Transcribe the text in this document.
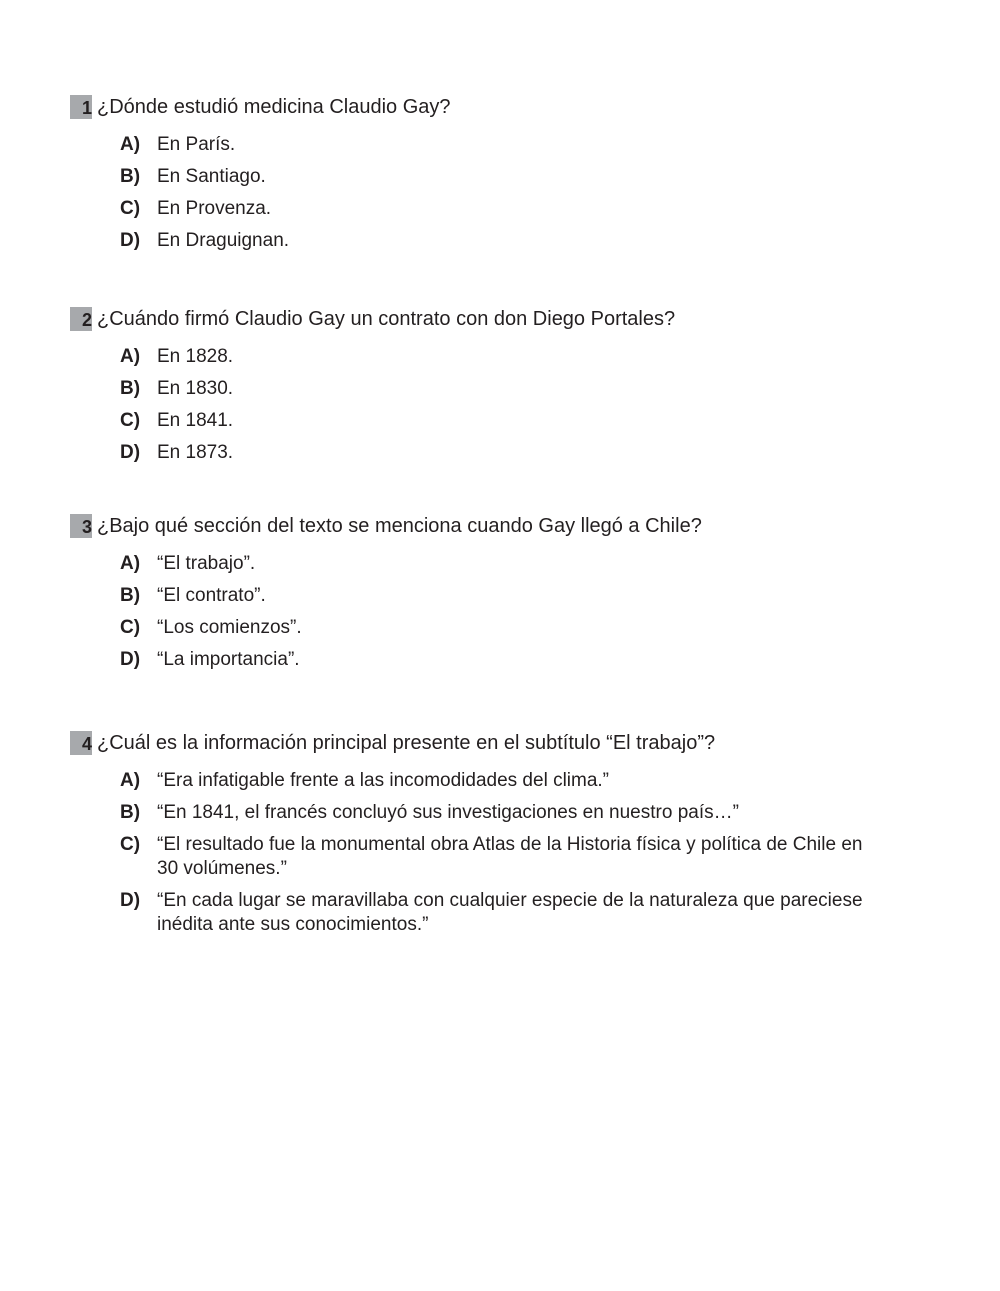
1 ¿Dónde estudió medicina Claudio Gay?
A) En París.
B) En Santiago.
C) En Provenza.
D) En Draguignan.
2 ¿Cuándo firmó Claudio Gay un contrato con don Diego Portales?
A) En 1828.
B) En 1830.
C) En 1841.
D) En 1873.
3 ¿Bajo qué sección del texto se menciona cuando Gay llegó a Chile?
A) “El trabajo”.
B) “El contrato”.
C) “Los comienzos”.
D) “La importancia”.
4 ¿Cuál es la información principal presente en el subtítulo “El trabajo”?
A) “Era infatigable frente a las incomodidades del clima.”
B) “En 1841, el francés concluyó sus investigaciones en nuestro país…”
C) “El resultado fue la monumental obra Atlas de la Historia física y política de Chile en 30 volúmenes.”
D) “En cada lugar se maravillaba con cualquier especie de la naturaleza que pareciese inédita ante sus conocimientos.”
